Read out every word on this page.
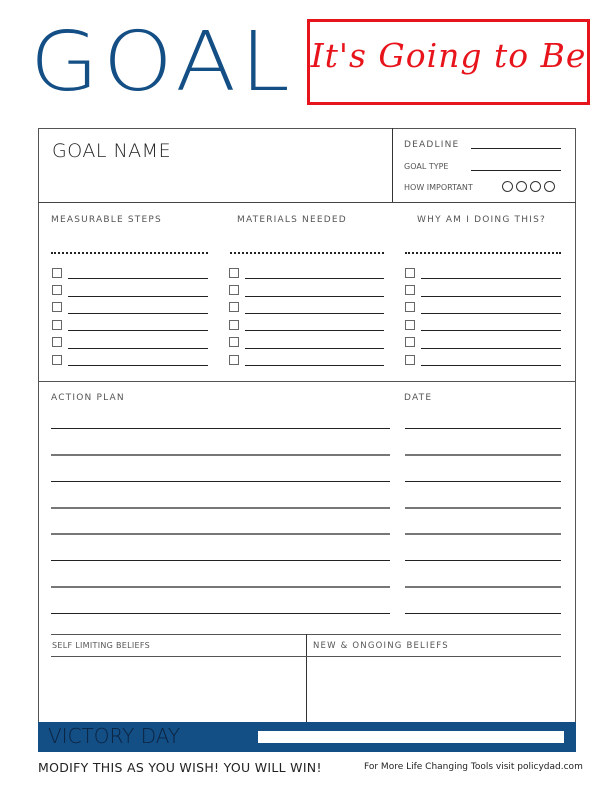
GOAL It's Going to Be
GOAL NAME	DEADLINE
GOAL TYPE
HOW IMPORTANT
MEASURABLE STEPS	MATERIALS NEEDED	WHY AM I DOING THIS?
ACTION PLAN	DATE
SELF LIMITING BELIEFS	NEW & ONGOING BELIEFS
VICTORY DAY
MODIFY THIS AS YOU WISH! YOU WILL WIN!	For More Life Changing Tools visit policydad.com
